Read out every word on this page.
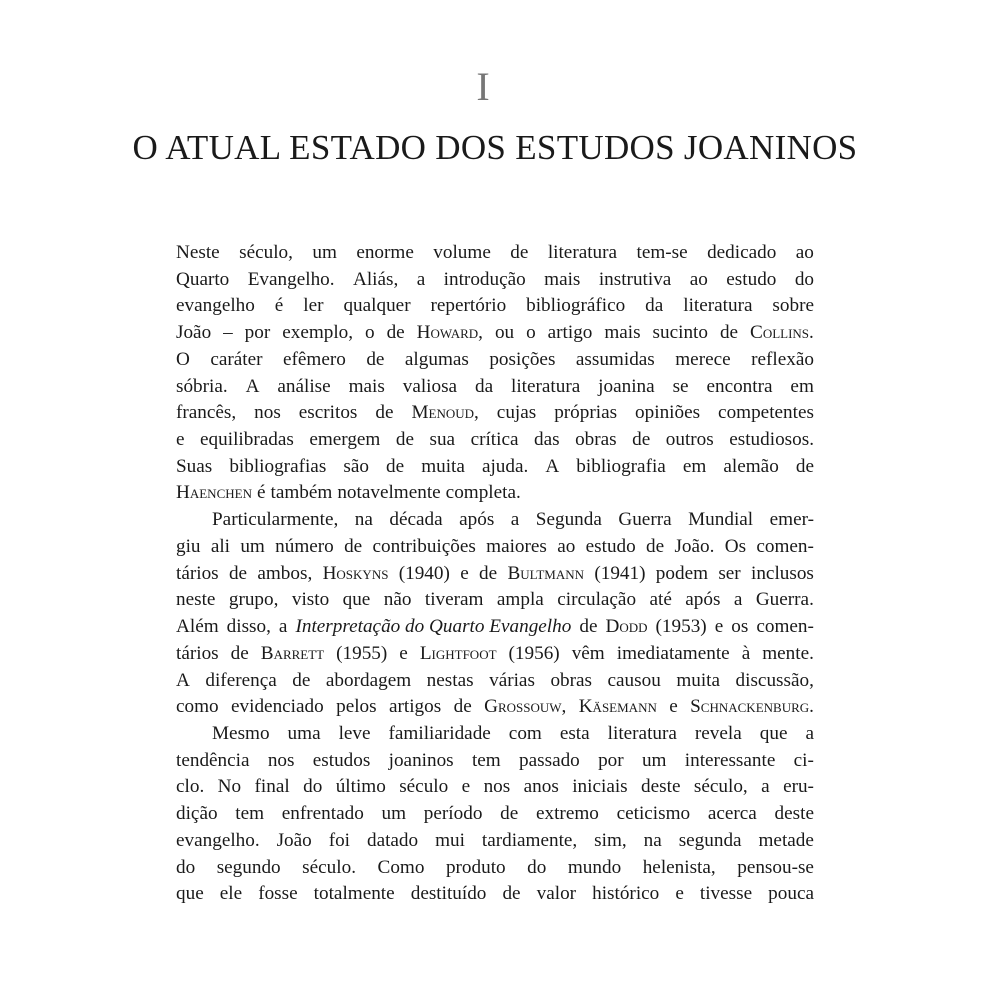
I
O ATUAL ESTADO DOS ESTUDOS JOANINOS
Neste século, um enorme volume de literatura tem-se dedicado ao
Quarto Evangelho. Aliás, a introdução mais instrutiva ao estudo do
evangelho é ler qualquer repertório bibliográfico da literatura sobre
João – por exemplo, o de Howard, ou o artigo mais sucinto de Collins.
O caráter efêmero de algumas posições assumidas merece reflexão
sóbria. A análise mais valiosa da literatura joanina se encontra em
francês, nos escritos de Menoud, cujas próprias opiniões competentes
e equilibradas emergem de sua crítica das obras de outros estudiosos.
Suas bibliografias são de muita ajuda. A bibliografia em alemão de
Haenchen é também notavelmente completa.
Particularmente, na década após a Segunda Guerra Mundial emer-
giu ali um número de contribuições maiores ao estudo de João. Os comen-
tários de ambos, Hoskyns (1940) e de Bultmann (1941) podem ser inclusos
neste grupo, visto que não tiveram ampla circulação até após a Guerra.
Além disso, a Interpretação do Quarto Evangelho de Dodd (1953) e os comen-
tários de Barrett (1955) e Lightfoot (1956) vêm imediatamente à mente.
A diferença de abordagem nestas várias obras causou muita discussão,
como evidenciado pelos artigos de Grossouw, Käsemann e Schnackenburg.
Mesmo uma leve familiaridade com esta literatura revela que a
tendência nos estudos joaninos tem passado por um interessante ci-
clo. No final do último século e nos anos iniciais deste século, a eru-
dição tem enfrentado um período de extremo ceticismo acerca deste
evangelho. João foi datado mui tardiamente, sim, na segunda metade
do segundo século. Como produto do mundo helenista, pensou-se
que ele fosse totalmente destituído de valor histórico e tivesse pouca
